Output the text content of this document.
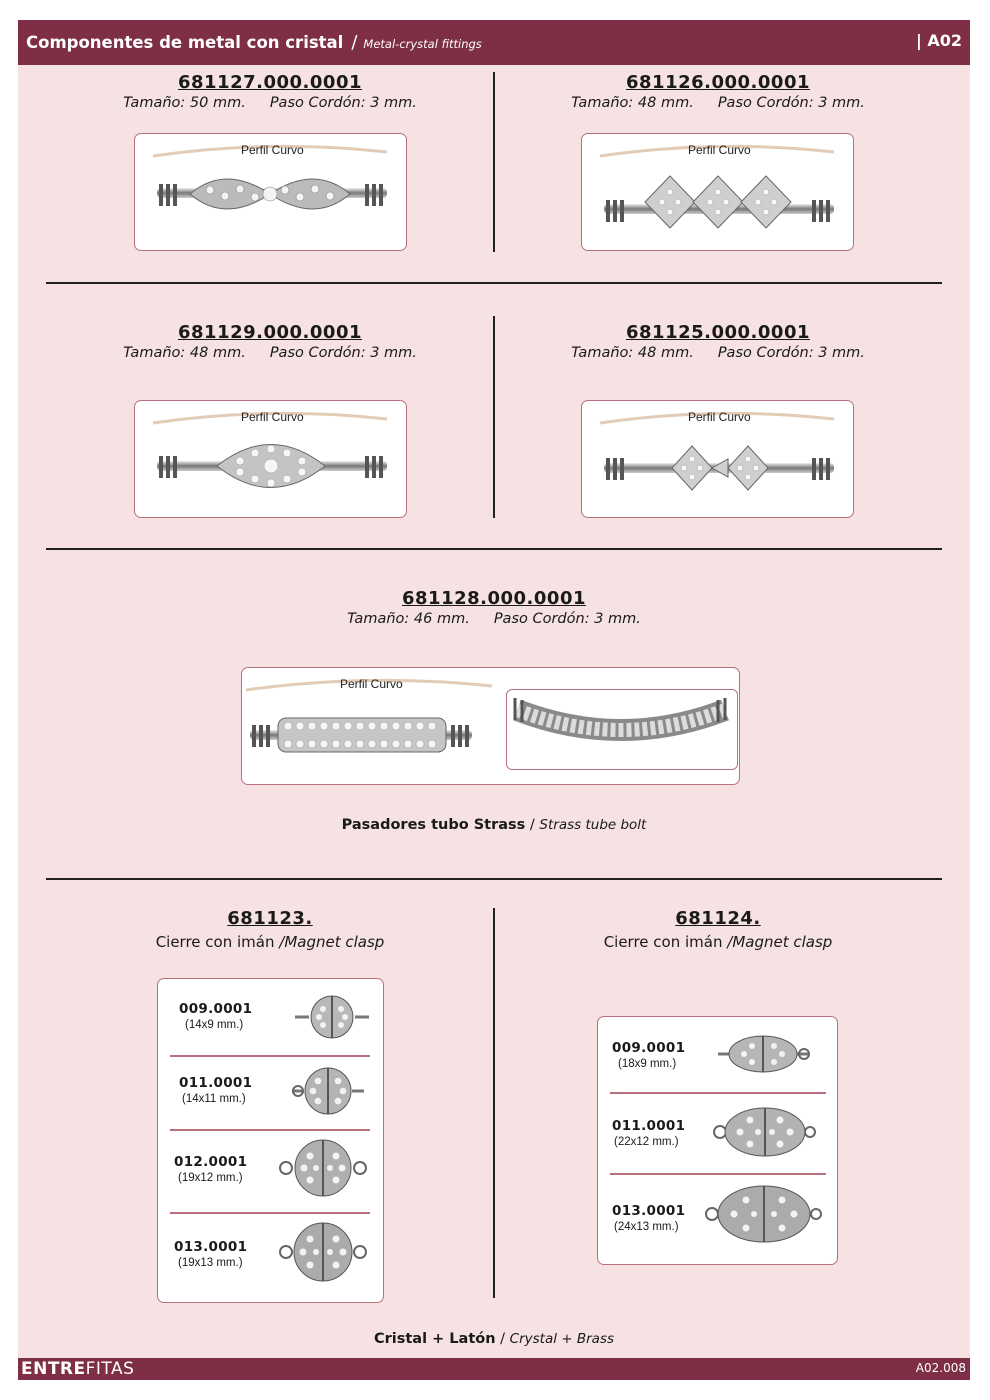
Componentes de metal con cristal / Metal-crystal fittings	| A02
681127.000.0001
Tamaño: 50 mm. Paso Cordón: 3 mm.
Perfil Curvo
681126.000.0001
Tamaño: 48 mm. Paso Cordón: 3 mm.
Perfil Curvo
681129.000.0001
Tamaño: 48 mm. Paso Cordón: 3 mm.
Perfil Curvo
681125.000.0001
Tamaño: 48 mm. Paso Cordón: 3 mm.
Perfil Curvo
681128.000.0001
Tamaño: 46 mm. Paso Cordón: 3 mm.
Perfil Curvo
Pasadores tubo Strass / Strass tube bolt
681123.
Cierre con imán /Magnet clasp
009.0001
(14x9 mm.)
011.0001
(14x11 mm.)
012.0001
(19x12 mm.)
013.0001
(19x13 mm.)
681124.
Cierre con imán /Magnet clasp
009.0001
(18x9 mm.)
011.0001
(22x12 mm.)
013.0001
(24x13 mm.)
Cristal + Latón / Crystal + Brass
ENTREFITAS	A02.008
